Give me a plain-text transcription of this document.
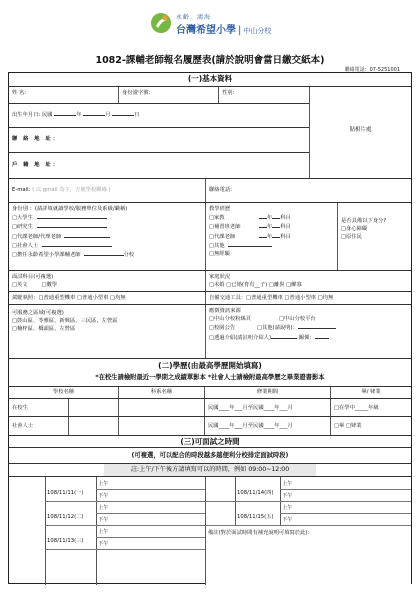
永齡．鴻海
台灣希望小學 | 中山分校
1082-課輔老師報名履歷表(請於說明會當日繳交紙本)
聯絡電話：07-5251001
(一)基本資料
貼相片處
姓 名:	身份證字號:	性別:
出生年月日: 民國	年	月	日
聯 絡 地 址：
戶 籍 地 址：
E-mail: ( 以 gmail 為主，方便學校聯絡 )	聯絡電話:
身份別 ：(請詳填就讀學校/服務單位及系級/職稱)
□大學生
□研究生
□代課老師/代理老師
□社會人士
□擔任永齡希望小學課輔老師	分校
教學經歷
□家教	年 科目
□補習班老師	年 科目
□代課老師	年 科目
□其他
□無經驗
是否具備以下身分?
□身心障礙
□原住民
面試科目(可複選)
□英文	□數學
家庭狀況
□未婚 □已婚(育有__子) □離異 □鰥寡
駕駛執照：□普通重型機車 □普通小型車 □均無	自備交通工具：□普通重型機車 □普通小型車 □均無
可服務之區域(可複選)
□鼓山區、苓雅區、新興區、三民區、左營區
□楠梓區、橋頭區、左營區
應徵資訊來源
□中山分校粉絲頁	□中山分校平台
□校園公告	□其他(請說明)：
□透過介紹(請註明介紹人)	關係：
(二)學歷(由最高學歷開始填寫)
*在校生請檢附最近一學期之成績單影本 *社會人士請檢附最高學歷之畢業證書影本
學校名稱	科系名稱	修業期間	畢/ 肄業
在校生	民國____年___月至民國____年___月	□在學中_____年級
社會人士	民國____年___月至民國____年___月	□畢 □肄業
(三)可面試之時間
(可複選，可以配合的時段越多越便利分校排定面試時段)
註:上午/下午後方請填寫可以的時間，例如 09:00~12:00
108/11/11(一)
上午
下午
108/11/12(二)
上午
下午
108/11/13(三)
上午
下午
108/11/14(四)
上午
下午
108/11/15(五)
上午
下午
備註(對於面試時間有補充說明可填寫於此)：
